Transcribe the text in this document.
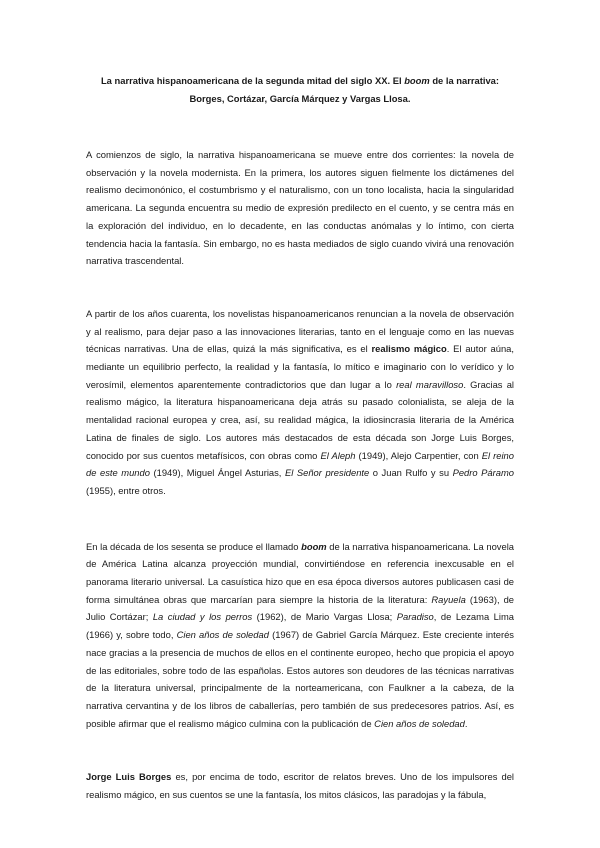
La narrativa hispanoamericana de la segunda mitad del siglo XX. El boom de la narrativa:
Borges, Cortázar, García Márquez y Vargas Llosa.

A comienzos de siglo, la narrativa hispanoamericana se mueve entre dos corrientes: la novela de observación y la novela modernista. En la primera, los autores siguen fielmente los dictámenes del realismo decimonónico, el costumbrismo y el naturalismo, con un tono localista, hacia la singularidad americana. La segunda encuentra su medio de expresión predilecto en el cuento, y se centra más en la exploración del individuo, en lo decadente, en las conductas anómalas y lo íntimo, con cierta tendencia hacia la fantasía. Sin embargo, no es hasta mediados de siglo cuando vivirá una renovación narrativa trascendental.

A partir de los años cuarenta, los novelistas hispanoamericanos renuncian a la novela de observación y al realismo, para dejar paso a las innovaciones literarias, tanto en el lenguaje como en las nuevas técnicas narrativas. Una de ellas, quizá la más significativa, es el realismo mágico. El autor aúna, mediante un equilibrio perfecto, la realidad y la fantasía, lo mítico e imaginario con lo verídico y lo verosímil, elementos aparentemente contradictorios que dan lugar a lo real maravilloso. Gracias al realismo mágico, la literatura hispanoamericana deja atrás su pasado colonialista, se aleja de la mentalidad racional europea y crea, así, su realidad mágica, la idiosincrasia literaria de la América Latina de finales de siglo. Los autores más destacados de esta década son Jorge Luis Borges, conocido por sus cuentos metafísicos, con obras como El Aleph (1949), Alejo Carpentier, con El reino de este mundo (1949), Miguel Ángel Asturias, El Señor presidente o Juan Rulfo y su Pedro Páramo (1955), entre otros.

En la década de los sesenta se produce el llamado boom de la narrativa hispanoamericana. La novela de América Latina alcanza proyección mundial, convirtiéndose en referencia inexcusable en el panorama literario universal. La casuística hizo que en esa época diversos autores publicasen casi de forma simultánea obras que marcarían para siempre la historia de la literatura: Rayuela (1963), de Julio Cortázar; La ciudad y los perros (1962), de Mario Vargas Llosa; Paradiso, de Lezama Lima (1966) y, sobre todo, Cien años de soledad (1967) de Gabriel García Márquez. Este creciente interés nace gracias a la presencia de muchos de ellos en el continente europeo, hecho que propicia el apoyo de las editoriales, sobre todo de las españolas. Estos autores son deudores de las técnicas narrativas de la literatura universal, principalmente de la norteamericana, con Faulkner a la cabeza, de la narrativa cervantina y de los libros de caballerías, pero también de sus predecesores patrios. Así, es posible afirmar que el realismo mágico culmina con la publicación de Cien años de soledad.

Jorge Luis Borges es, por encima de todo, escritor de relatos breves. Uno de los impulsores del realismo mágico, en sus cuentos se une la fantasía, los mitos clásicos, las paradojas y la fábula,
